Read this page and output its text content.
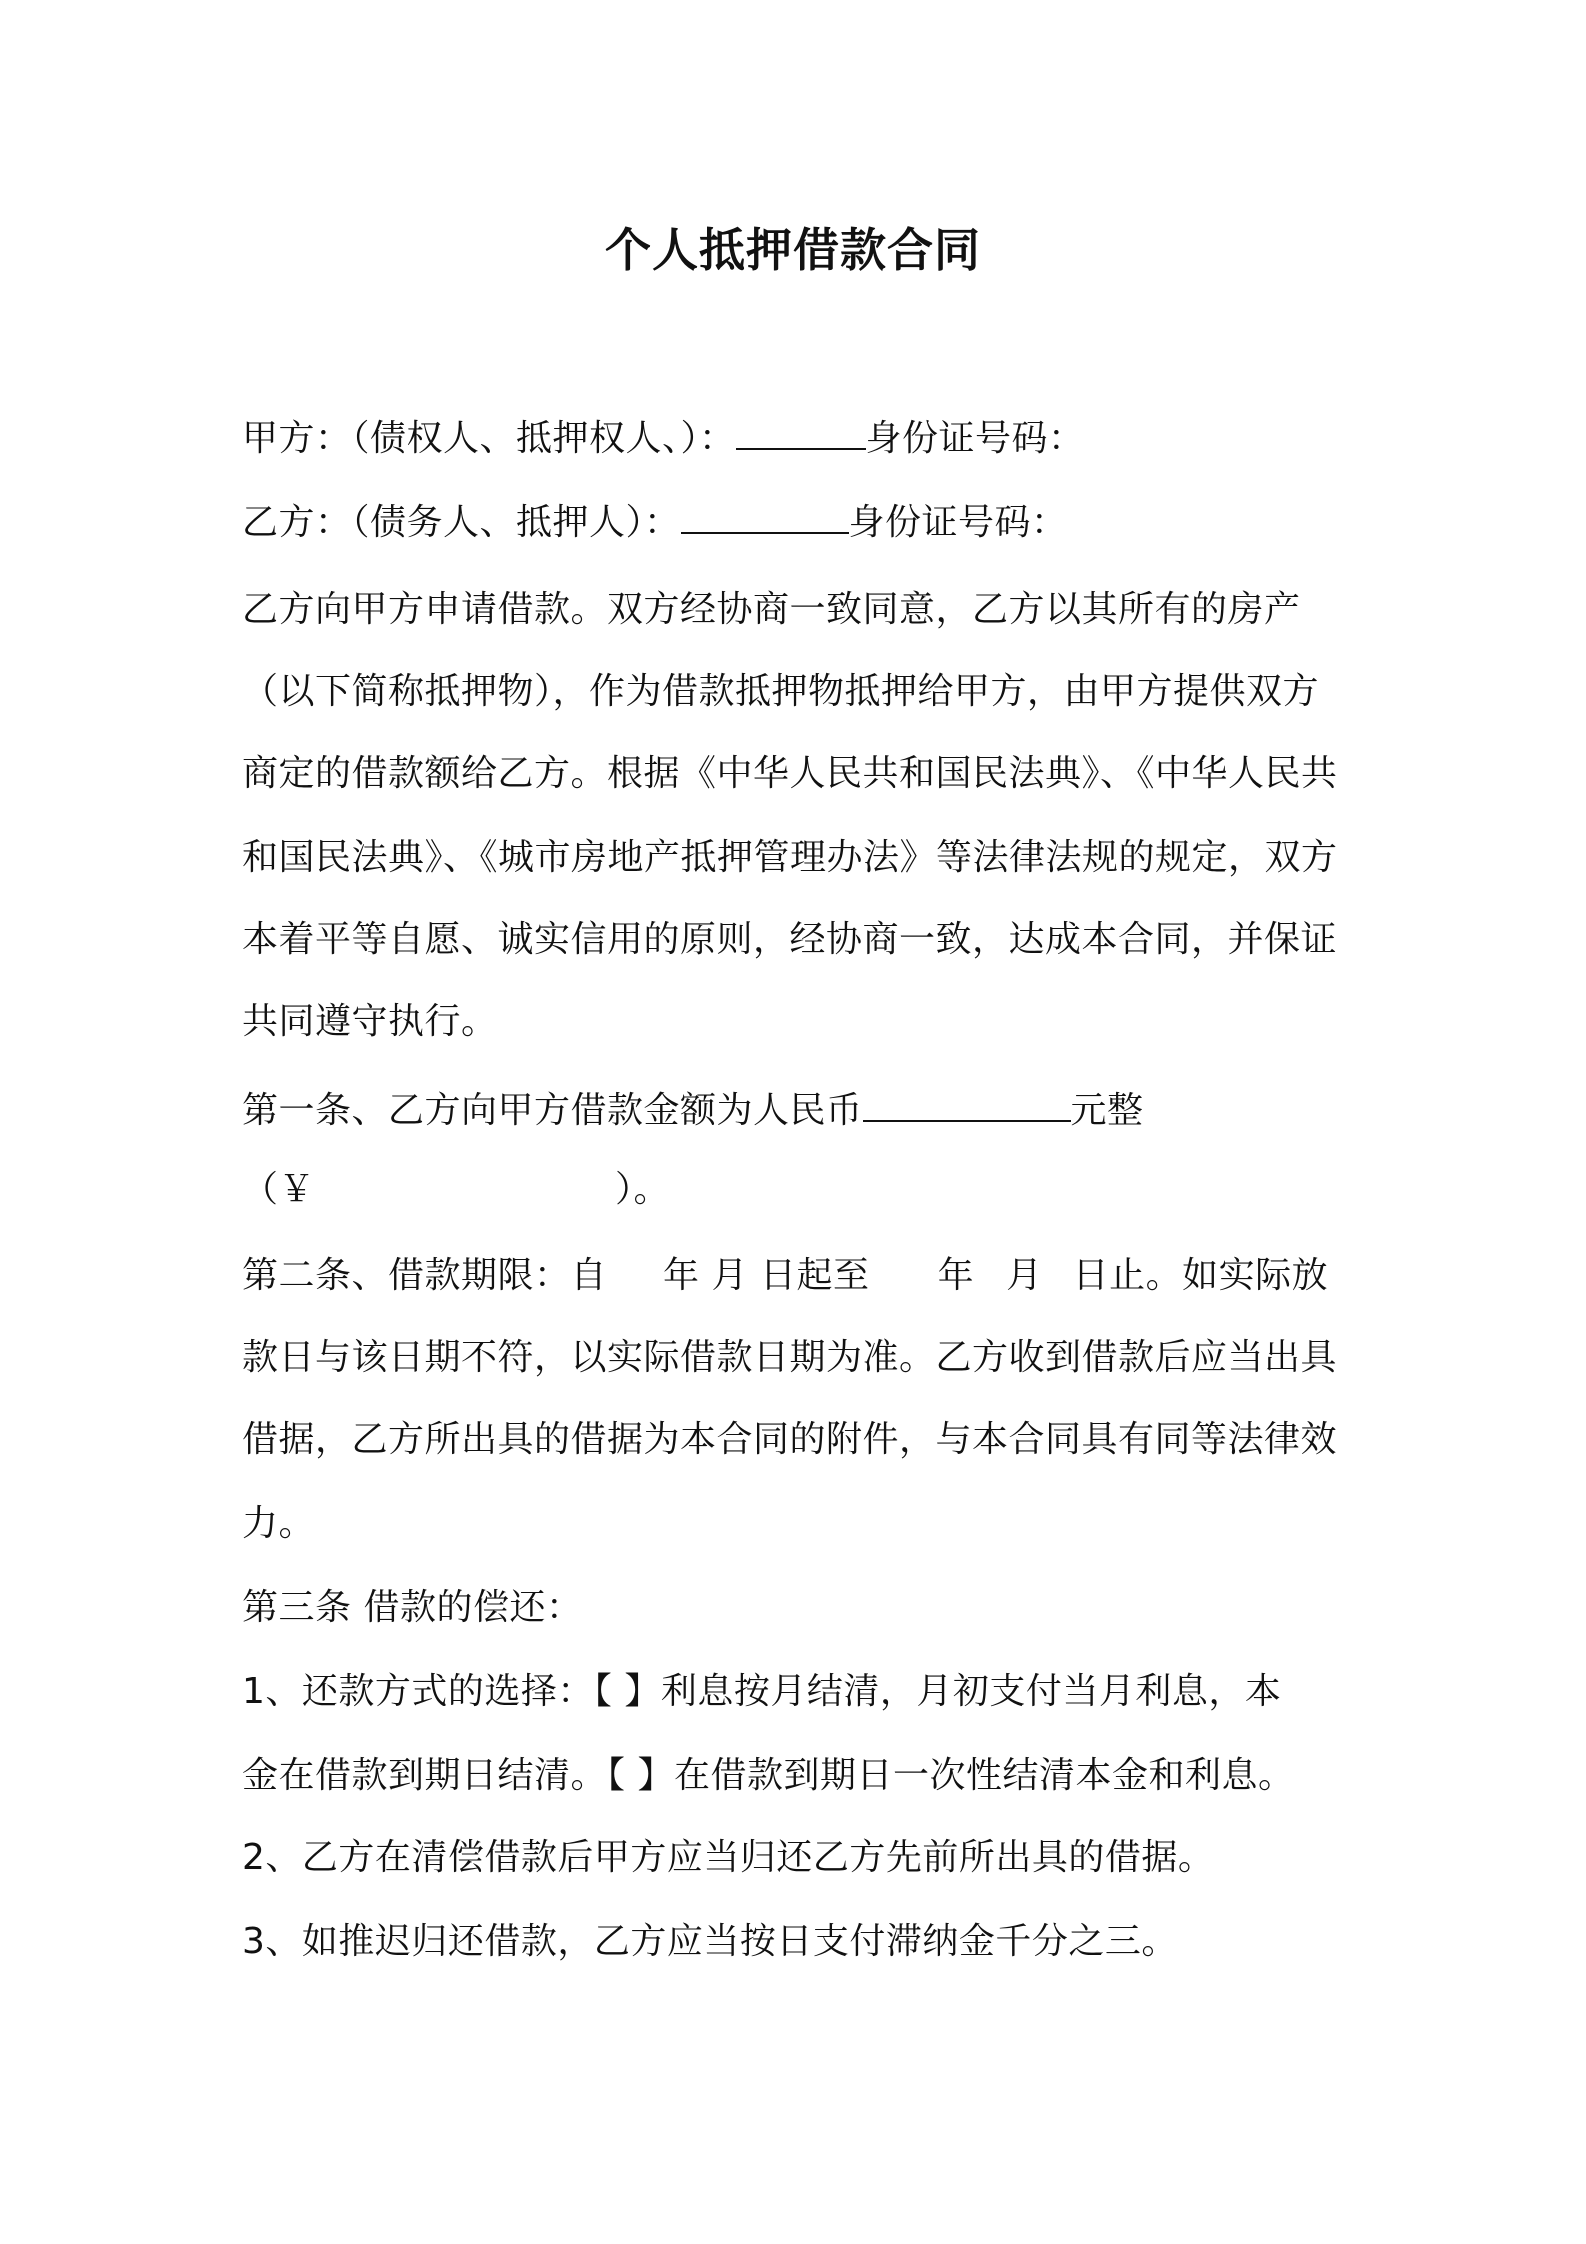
个人抵押借款合同
甲方：（债权人、抵押权人、）：	身份证号码：
乙方：（债务人、抵押人）：	身份证号码：
乙方向甲方申请借款。双方经协商一致同意，乙方以其所有的房产
（以下简称抵押物），作为借款抵押物抵押给甲方，由甲方提供双方
商定的借款额给乙方。根据《中华人民共和国民法典》、《中华人民共
和国民法典》、《城市房地产抵押管理办法》等法律法规的规定，双方
本着平等自愿、诚实信用的原则，经协商一致，达成本合同，并保证
共同遵守执行。
第一条、乙方向甲方借款金额为人民币	元整
（￥	）。
第二条、借款期限：自 年 月 日起至 年 月 日止。如实际放
款日与该日期不符，以实际借款日期为准。乙方收到借款后应当出具
借据，乙方所出具的借据为本合同的附件，与本合同具有同等法律效
力。
第三条 借款的偿还：
1、还款方式的选择：【 】利息按月结清，月初支付当月利息，本
金在借款到期日结清。【 】在借款到期日一次性结清本金和利息。
2、乙方在清偿借款后甲方应当归还乙方先前所出具的借据。
3、如推迟归还借款，乙方应当按日支付滞纳金千分之三。
